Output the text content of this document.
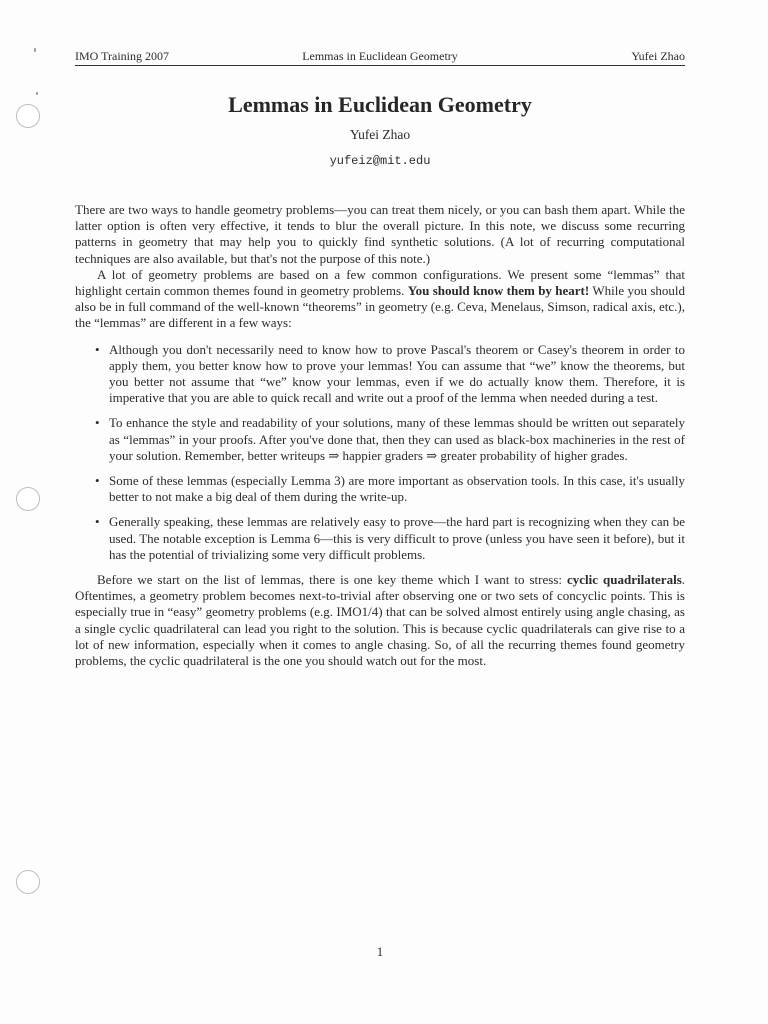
IMO Training 2007	Lemmas in Euclidean Geometry	Yufei Zhao
Lemmas in Euclidean Geometry
Yufei Zhao
yufeiz@mit.edu

There are two ways to handle geometry problems—you can treat them nicely, or you can bash them apart. While the latter option is often very effective, it tends to blur the overall picture. In this note, we discuss some recurring patterns in geometry that may help you to quickly find synthetic solutions. (A lot of recurring computational techniques are also available, but that's not the purpose of this note.)

A lot of geometry problems are based on a few common configurations. We present some “lemmas” that highlight certain common themes found in geometry problems. You should know them by heart! While you should also be in full command of the well-known “theorems” in geometry (e.g. Ceva, Menelaus, Simson, radical axis, etc.), the “lemmas” are different in a few ways:

• Although you don't necessarily need to know how to prove Pascal's theorem or Casey's theorem in order to apply them, you better know how to prove your lemmas! You can assume that “we” know the theorems, but you better not assume that “we” know your lemmas, even if we do actually know them. Therefore, it is imperative that you are able to quick recall and write out a proof of the lemma when needed during a test.
• To enhance the style and readability of your solutions, many of these lemmas should be written out separately as “lemmas” in your proofs. After you've done that, then they can used as black-box machineries in the rest of your solution. Remember, better writeups ⇒ happier graders ⇒ greater probability of higher grades.
• Some of these lemmas (especially Lemma 3) are more important as observation tools. In this case, it's usually better to not make a big deal of them during the write-up.
• Generally speaking, these lemmas are relatively easy to prove—the hard part is recognizing when they can be used. The notable exception is Lemma 6—this is very difficult to prove (unless you have seen it before), but it has the potential of trivializing some very difficult problems.

Before we start on the list of lemmas, there is one key theme which I want to stress: cyclic quadrilaterals. Oftentimes, a geometry problem becomes next-to-trivial after observing one or two sets of concyclic points. This is especially true in “easy” geometry problems (e.g. IMO1/4) that can be solved almost entirely using angle chasing, as a single cyclic quadrilateral can lead you right to the solution. This is because cyclic quadrilaterals can give rise to a lot of new information, especially when it comes to angle chasing. So, of all the recurring themes found geometry problems, the cyclic quadrilateral is the one you should watch out for the most.

1
